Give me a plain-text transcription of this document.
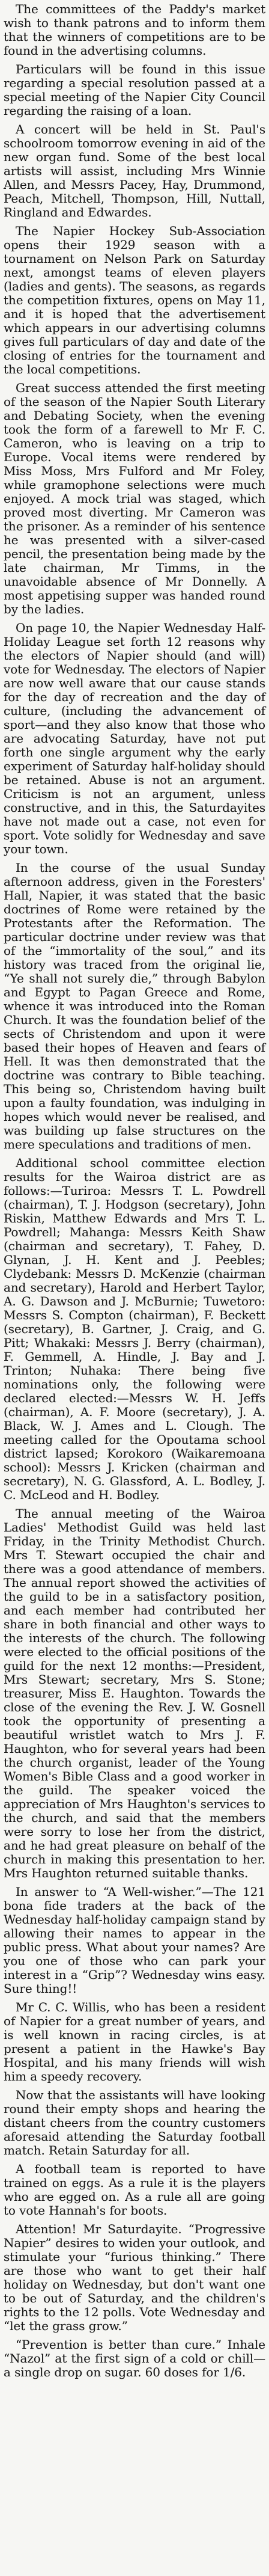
The committees of the Paddy's market wish to thank patrons and to inform them that the winners of competitions are to be found in the advertising columns.

Particulars will be found in this issue regarding a special resolution passed at a special meeting of the Napier City Council regarding the raising of a loan.

A concert will be held in St. Paul's schoolroom tomorrow evening in aid of the new organ fund. Some of the best local artists will assist, including Mrs Winnie Allen, and Messrs Pacey, Hay, Drummond, Peach, Mitchell, Thompson, Hill, Nuttall, Ringland and Edwardes.

The Napier Hockey Sub-Association opens their 1929 season with a tournament on Nelson Park on Saturday next, amongst teams of eleven players (ladies and gents). The seasons, as regards the competition fixtures, opens on May 11, and it is hoped that the advertisement which appears in our advertising columns gives full particulars of day and date of the closing of entries for the tournament and the local competitions.

Great success attended the first meeting of the season of the Napier South Literary and Debating Society, when the evening took the form of a farewell to Mr F. C. Cameron, who is leaving on a trip to Europe. Vocal items were rendered by Miss Moss, Mrs Fulford and Mr Foley, while gramophone selections were much enjoyed. A mock trial was staged, which proved most diverting. Mr Cameron was the prisoner. As a reminder of his sentence he was presented with a silver-cased pencil, the presentation being made by the late chairman, Mr Timms, in the unavoidable absence of Mr Donnelly. A most appetising supper was handed round by the ladies.

On page 10, the Napier Wednesday Half-Holiday League set forth 12 reasons why the electors of Napier should (and will) vote for Wednesday. The electors of Napier are now well aware that our cause stands for the day of recreation and the day of culture, (including the advancement of sport—and they also know that those who are advocating Saturday, have not put forth one single argument why the early experiment of Saturday half-holiday should be retained. Abuse is not an argument. Criticism is not an argument, unless constructive, and in this, the Saturdayites have not made out a case, not even for sport. Vote solidly for Wednesday and save your town.

In the course of the usual Sunday afternoon address, given in the Foresters' Hall, Napier, it was stated that the basic doctrines of Rome were retained by the Protestants after the Reformation. The particular doctrine under review was that of the “immortality of the soul,” and its history was traced from the original lie, “Ye shall not surely die,” through Babylon and Egypt to Pagan Greece and Rome, whence it was introduced into the Roman Church. It was the foundation belief of the sects of Christendom and upon it were based their hopes of Heaven and fears of Hell. It was then demonstrated that the doctrine was contrary to Bible teaching. This being so, Christendom having built upon a faulty foundation, was indulging in hopes which would never be realised, and was building up false structures on the mere speculations and traditions of men.

Additional school committee election results for the Wairoa district are as follows:—Turiroa: Messrs T. L. Powdrell (chairman), T. J. Hodgson (secretary), John Riskin, Matthew Edwards and Mrs T. L. Powdrell; Mahanga: Messrs Keith Shaw (chairman and secretary), T. Fahey, D. Glynan, J. H. Kent and J. Peebles; Clydebank: Messrs D. McKenzie (chairman and secretary), Harold and Herbert Taylor, A. G. Dawson and J. McBurnie; Tuwetoro: Messrs S. Compton (chairman), F. Beckett (secretary), B. Gartner, J. Craig, and G. Pitt; Whakaki: Messrs J. Berry (chairman), F. Gemmell, A. Hindle, J. Bay and J. Trinton; Nuhaka: There being five nominations only, the following were declared elected:—Messrs W. H. Jeffs (chairman), A. F. Moore (secretary), J. A. Black, W. J. Ames and L. Clough. The meeting called for the Opoutama school district lapsed; Korokoro (Waikaremoana school): Messrs J. Kricken (chairman and secretary), N. G. Glassford, A. L. Bodley, J. C. McLeod and H. Bodley.

The annual meeting of the Wairoa Ladies' Methodist Guild was held last Friday, in the Trinity Methodist Church. Mrs T. Stewart occupied the chair and there was a good attendance of members. The annual report showed the activities of the guild to be in a satisfactory position, and each member had contributed her share in both financial and other ways to the interests of the church. The following were elected to the official positions of the guild for the next 12 months:—President, Mrs Stewart; secretary, Mrs S. Stone; treasurer, Miss E. Haughton. Towards the close of the evening the Rev. J. W. Gosnell took the opportunity of presenting a beautiful wristlet watch to Mrs J. F. Haughton, who for several years had been the church organist, leader of the Young Women's Bible Class and a good worker in the guild. The speaker voiced the appreciation of Mrs Haughton's services to the church, and said that the members were sorry to lose her from the district, and he had great pleasure on behalf of the church in making this presentation to her. Mrs Haughton returned suitable thanks.

In answer to “A Well-wisher.”—The 121 bona fide traders at the back of the Wednesday half-holiday campaign stand by allowing their names to appear in the public press. What about your names? Are you one of those who can park your interest in a “Grip”? Wednesday wins easy. Sure thing!!

Mr C. C. Willis, who has been a resident of Napier for a great number of years, and is well known in racing circles, is at present a patient in the Hawke's Bay Hospital, and his many friends will wish him a speedy recovery.

Now that the assistants will have looking round their empty shops and hearing the distant cheers from the country customers aforesaid attending the Saturday football match. Retain Saturday for all.

A football team is reported to have trained on eggs. As a rule it is the players who are egged on. As a rule all are going to vote Hannah's for boots.

Attention! Mr Saturdayite. “Progressive Napier” desires to widen your outlook, and stimulate your “furious thinking.” There are those who want to get their half holiday on Wednesday, but don't want one to be out of Saturday, and the children's rights to the 12 polls. Vote Wednesday and “let the grass grow.”

“Prevention is better than cure.” Inhale “Nazol” at the first sign of a cold or chill—a single drop on sugar. 60 doses for 1/6.
